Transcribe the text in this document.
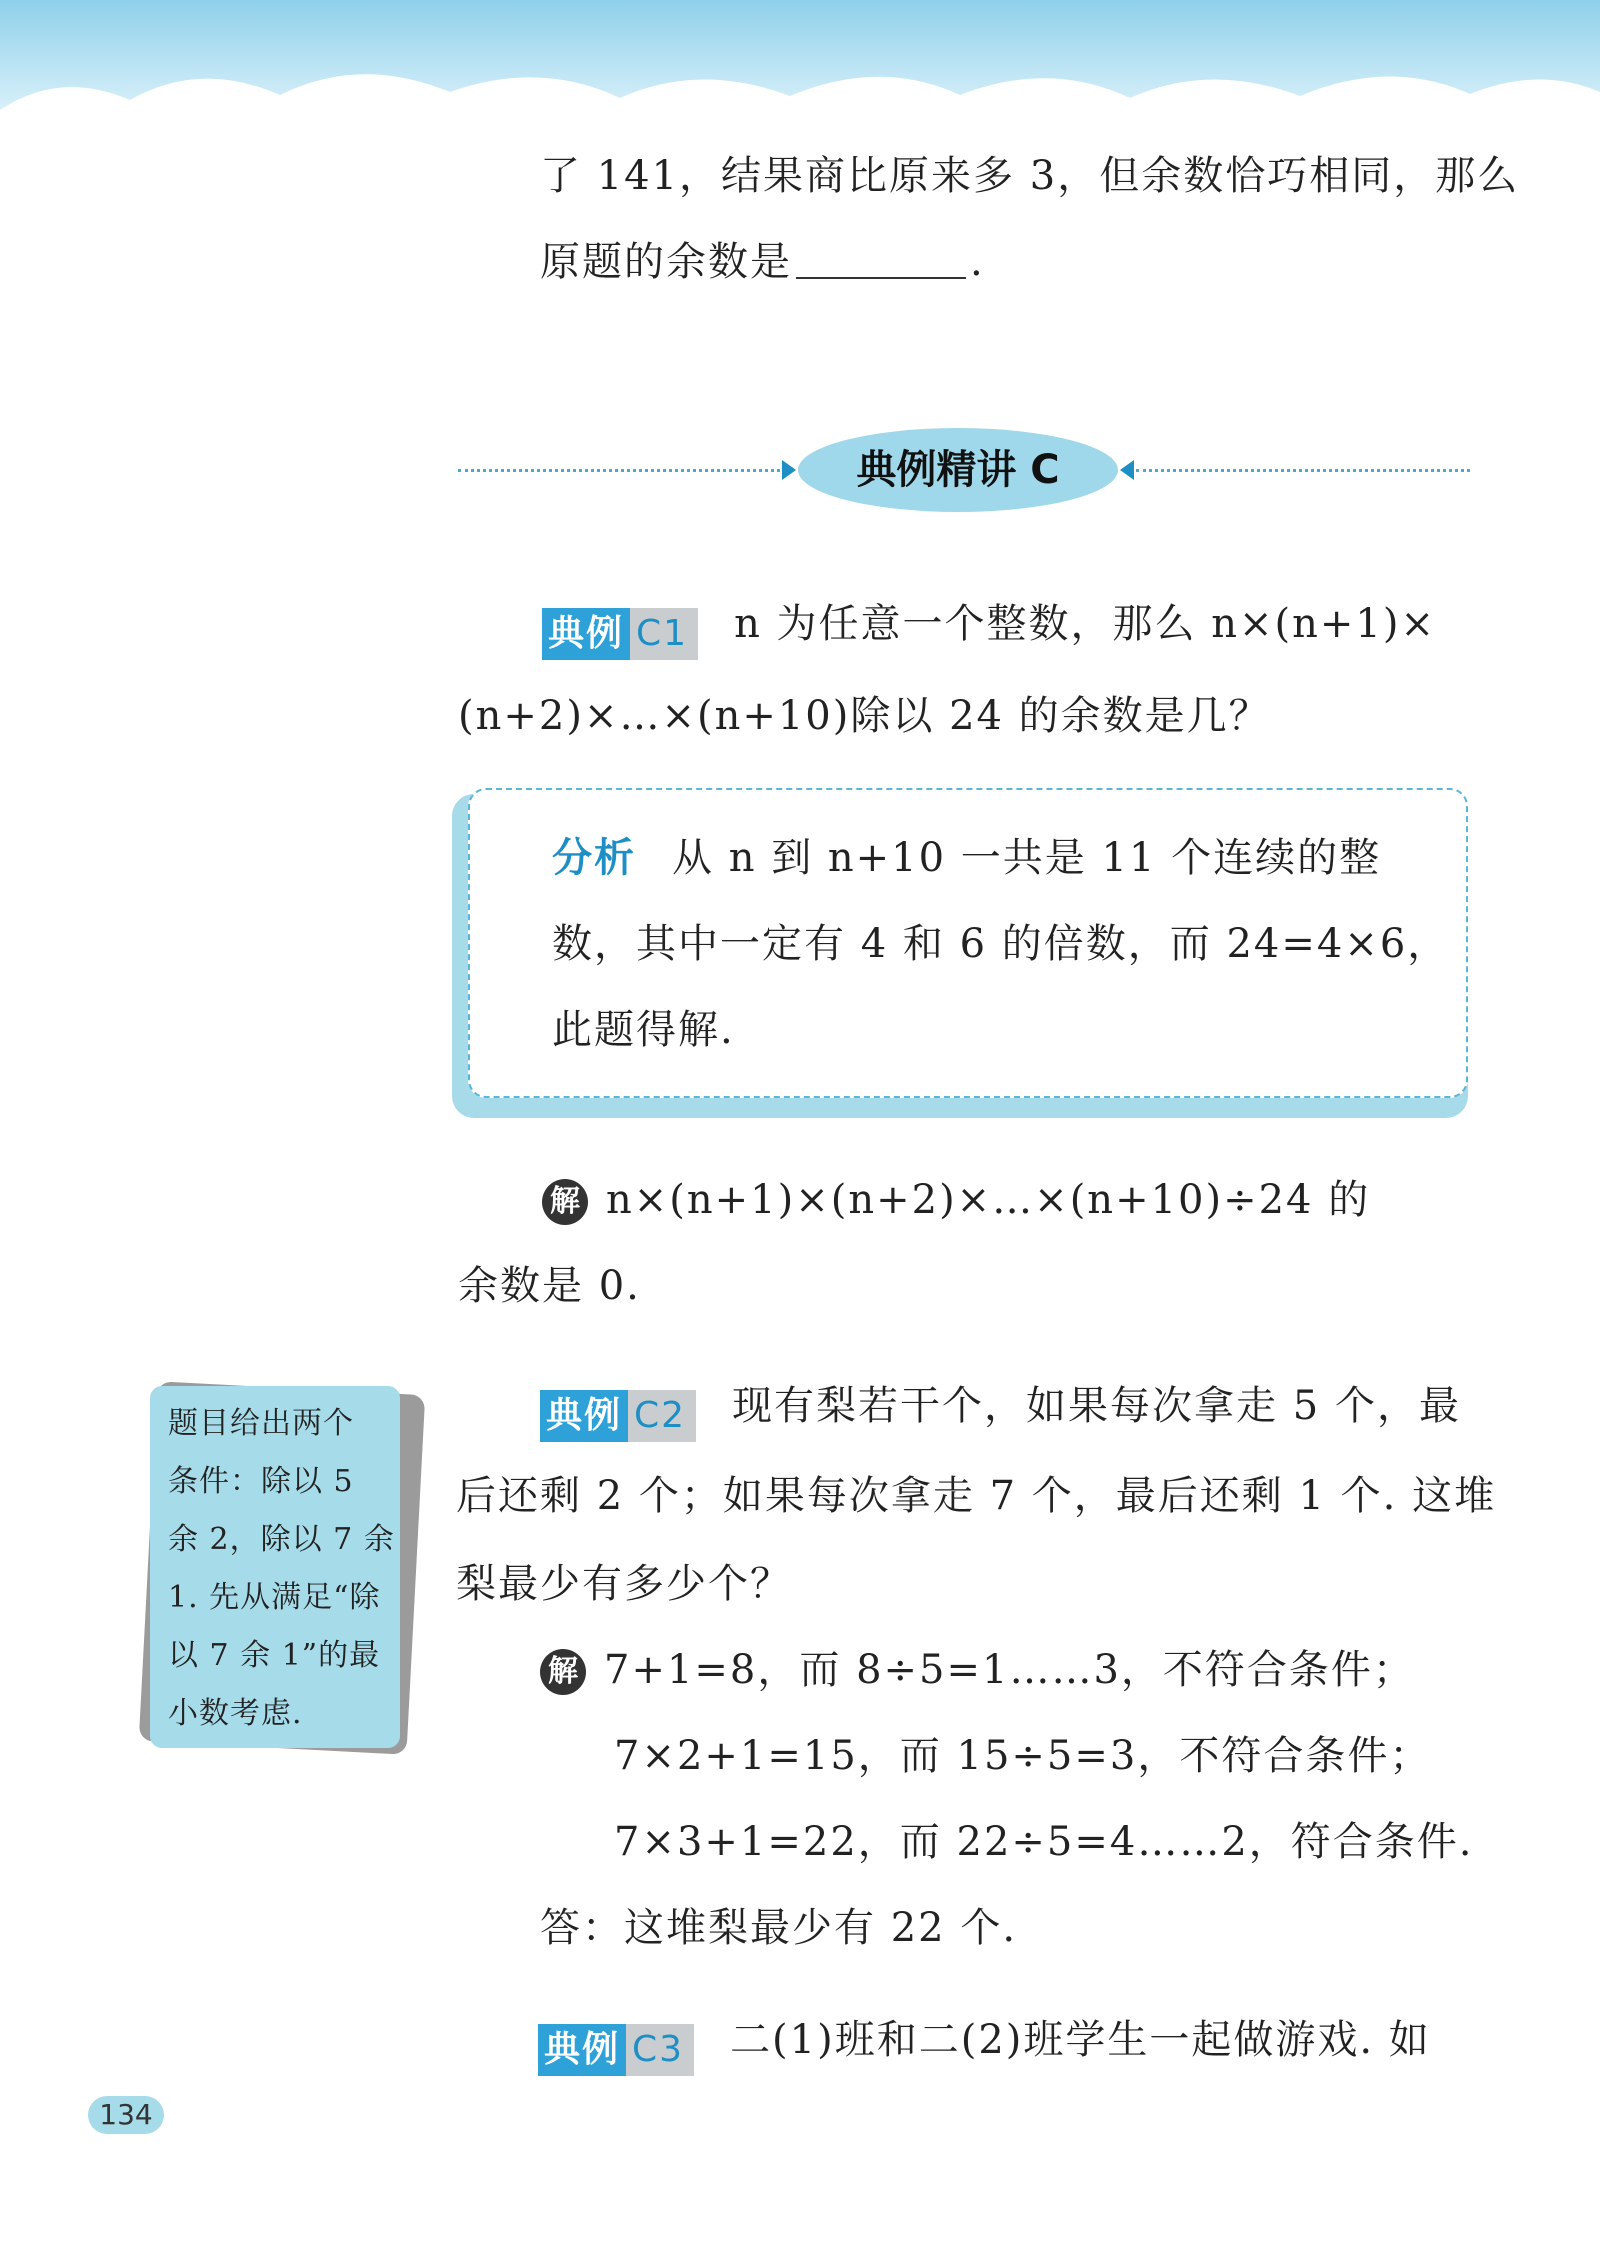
了 141，结果商比原来多 3，但余数恰巧相同，那么
原题的余数是	.
典例精讲 C
典例 C1 n 为任意一个整数，那么 n×(n+1)×
(n+2)×…×(n+10)除以 24 的余数是几？
分析 从 n 到 n+10 一共是 11 个连续的整
数，其中一定有 4 和 6 的倍数，而 24=4×6，
此题得解.
解 n×(n+1)×(n+2)×…×(n+10)÷24 的
余数是 0.
题目给出两个
条件：除以 5
余 2，除以 7 余
1. 先从满足“除
以 7 余 1”的最
小数考虑.
典例 C2 现有梨若干个，如果每次拿走 5 个，最
后还剩 2 个；如果每次拿走 7 个，最后还剩 1 个. 这堆
梨最少有多少个？
解 7+1=8，而 8÷5=1……3，不符合条件；
7×2+1=15，而 15÷5=3，不符合条件；
7×3+1=22，而 22÷5=4……2，符合条件.
答：这堆梨最少有 22 个.
典例 C3 二(1)班和二(2)班学生一起做游戏. 如
134
